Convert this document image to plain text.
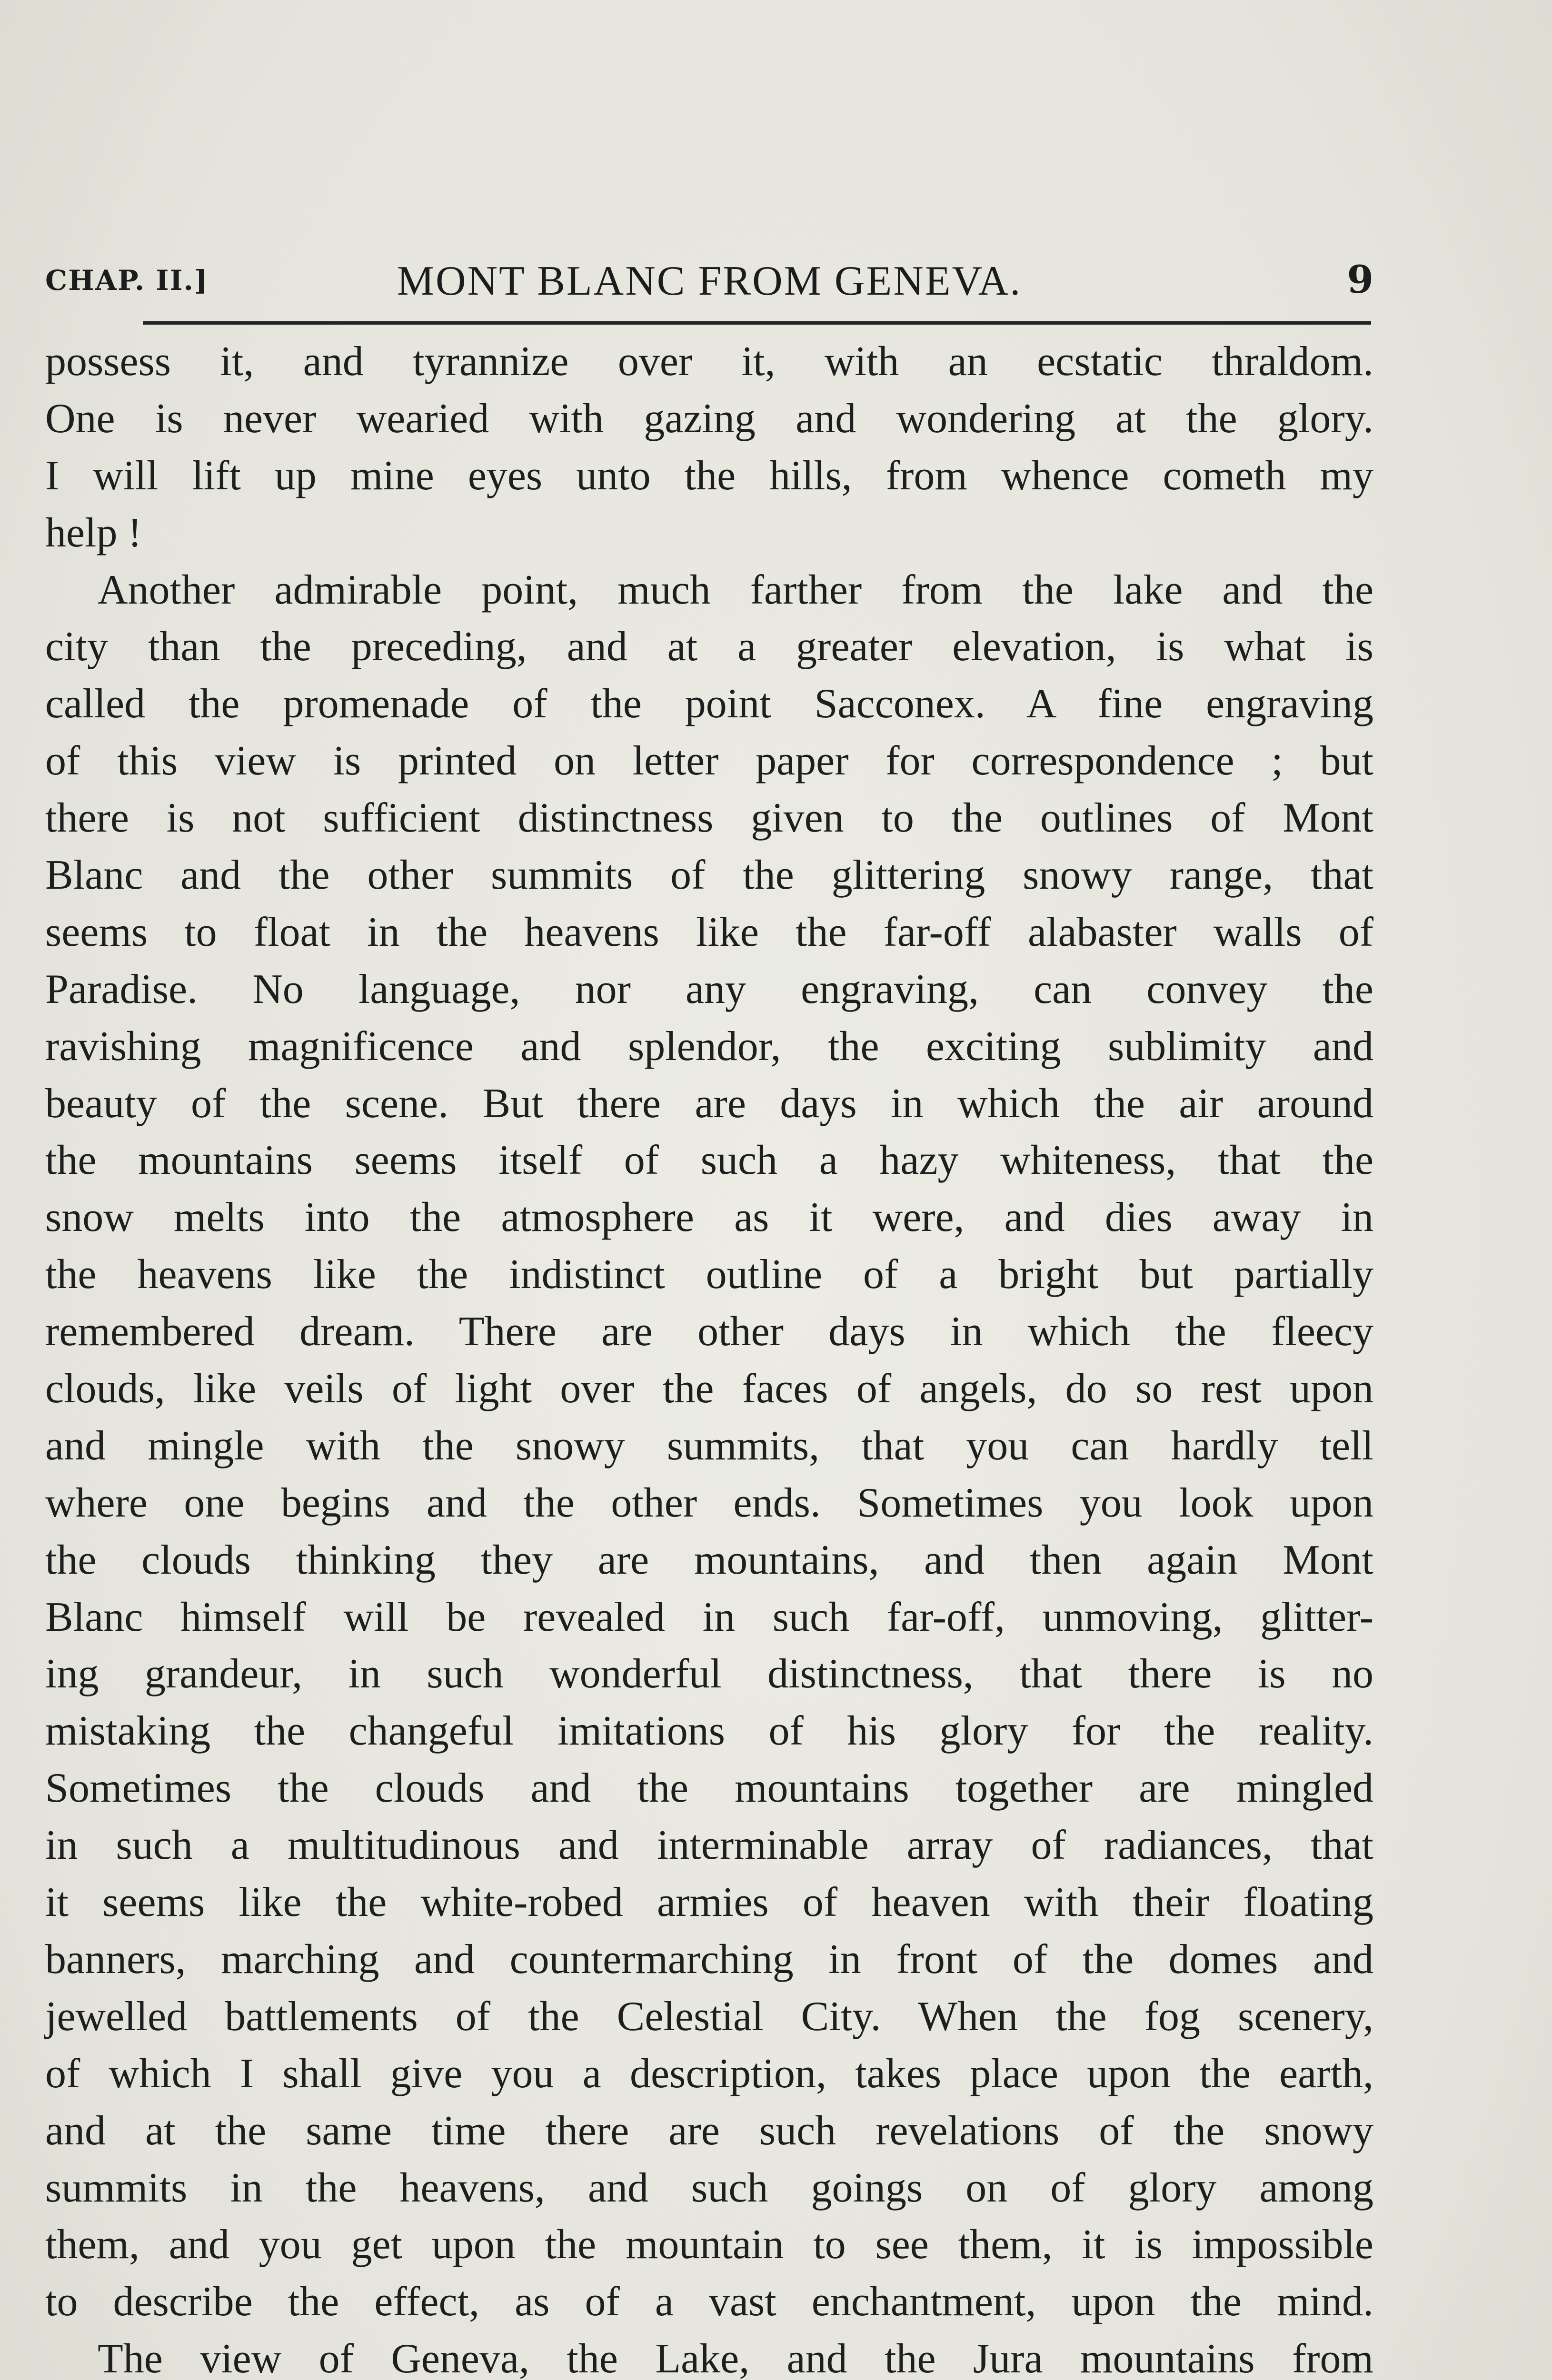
CHAP. II.]	MONT BLANC FROM GENEVA.	9
possess it, and tyrannize over it, with an ecstatic thraldom.
One is never wearied with gazing and wondering at the glory.
I will lift up mine eyes unto the hills, from whence cometh my
help !
Another admirable point, much farther from the lake and the
city than the preceding, and at a greater elevation, is what is
called the promenade of the point Sacconex. A fine engraving
of this view is printed on letter paper for correspondence ; but
there is not sufficient distinctness given to the outlines of Mont
Blanc and the other summits of the glittering snowy range, that
seems to float in the heavens like the far-off alabaster walls of
Paradise. No language, nor any engraving, can convey the
ravishing magnificence and splendor, the exciting sublimity and
beauty of the scene. But there are days in which the air around
the mountains seems itself of such a hazy whiteness, that the
snow melts into the atmosphere as it were, and dies away in
the heavens like the indistinct outline of a bright but partially
remembered dream. There are other days in which the fleecy
clouds, like veils of light over the faces of angels, do so rest upon
and mingle with the snowy summits, that you can hardly tell
where one begins and the other ends. Sometimes you look upon
the clouds thinking they are mountains, and then again Mont
Blanc himself will be revealed in such far-off, unmoving, glitter-
ing grandeur, in such wonderful distinctness, that there is no
mistaking the changeful imitations of his glory for the reality.
Sometimes the clouds and the mountains together are mingled
in such a multitudinous and interminable array of radiances, that
it seems like the white-robed armies of heaven with their floating
banners, marching and countermarching in front of the domes and
jewelled battlements of the Celestial City. When the fog scenery,
of which I shall give you a description, takes place upon the earth,
and at the same time there are such revelations of the snowy
summits in the heavens, and such goings on of glory among
them, and you get upon the mountain to see them, it is impossible
to describe the effect, as of a vast enchantment, upon the mind.
The view of Geneva, the Lake, and the Jura mountains from
